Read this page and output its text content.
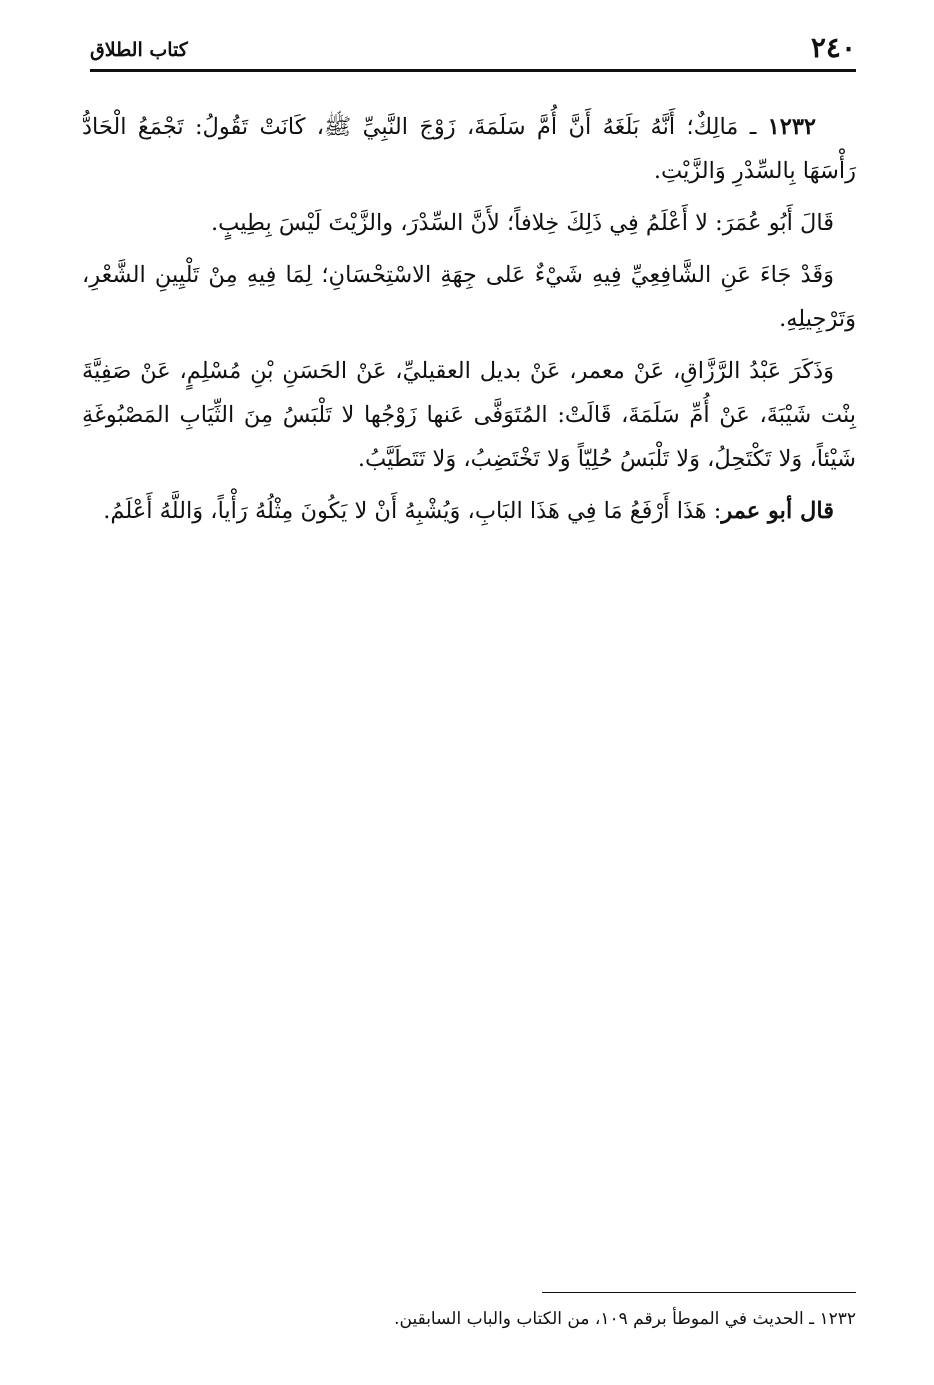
٢٤٠
كتاب الطلاق

١٢٣٢ ـ مَالِكٌ؛ أَنَّهُ بَلَغَهُ أَنَّ أُمَّ سَلَمَةَ، زَوْجَ النَّبِيِّ ﷺ، كَانَتْ تَقُولُ: تَجْمَعُ الْحَادُّ رَأْسَهَا بِالسِّدْرِ وَالزَّيْتِ.

قَالَ أَبُو عُمَرَ: لا أَعْلَمُ فِي ذَلِكَ خِلافاً؛ لأَنَّ السِّدْرَ، والزَّيْتَ لَيْسَ بِطِيبٍ.

وَقَدْ جَاءَ عَنِ الشَّافِعِيِّ فِيهِ شَيْءٌ عَلى جِهَةِ الاسْتِحْسَانِ؛ لِمَا فِيهِ مِنْ تَلْيِينِ الشَّعْرِ، وَتَرْجِيلِهِ.

وَذَكَرَ عَبْدُ الرَّزَّاقِ، عَنْ معمر، عَنْ بديل العقيليِّ، عَنْ الحَسَنِ بْنِ مُسْلِمٍ، عَنْ صَفِيَّةَ بِنْت شَيْبَةَ، عَنْ أُمِّ سَلَمَةَ، قَالَتْ: المُتَوَفَّى عَنها زَوْجُها لا تَلْبَسُ مِنَ الثِّيَابِ المَصْبُوغَةِ شَيْئاً، وَلا تَكْتَحِلُ، وَلا تَلْبَسُ حُلِيّاً وَلا تَخْتَضِبُ، وَلا تَتَطَيَّبُ.

قال أبو عمر: هَذَا أَرْفَعُ مَا فِي هَذَا البَابِ، وَيُشْبِهُ أَنْ لا يَكُونَ مِثْلُهُ رَأْياً، وَاللَّهُ أَعْلَمُ.

١٢٣٢ ـ الحديث في الموطأ برقم ١٠٩، من الكتاب والباب السابقين.
